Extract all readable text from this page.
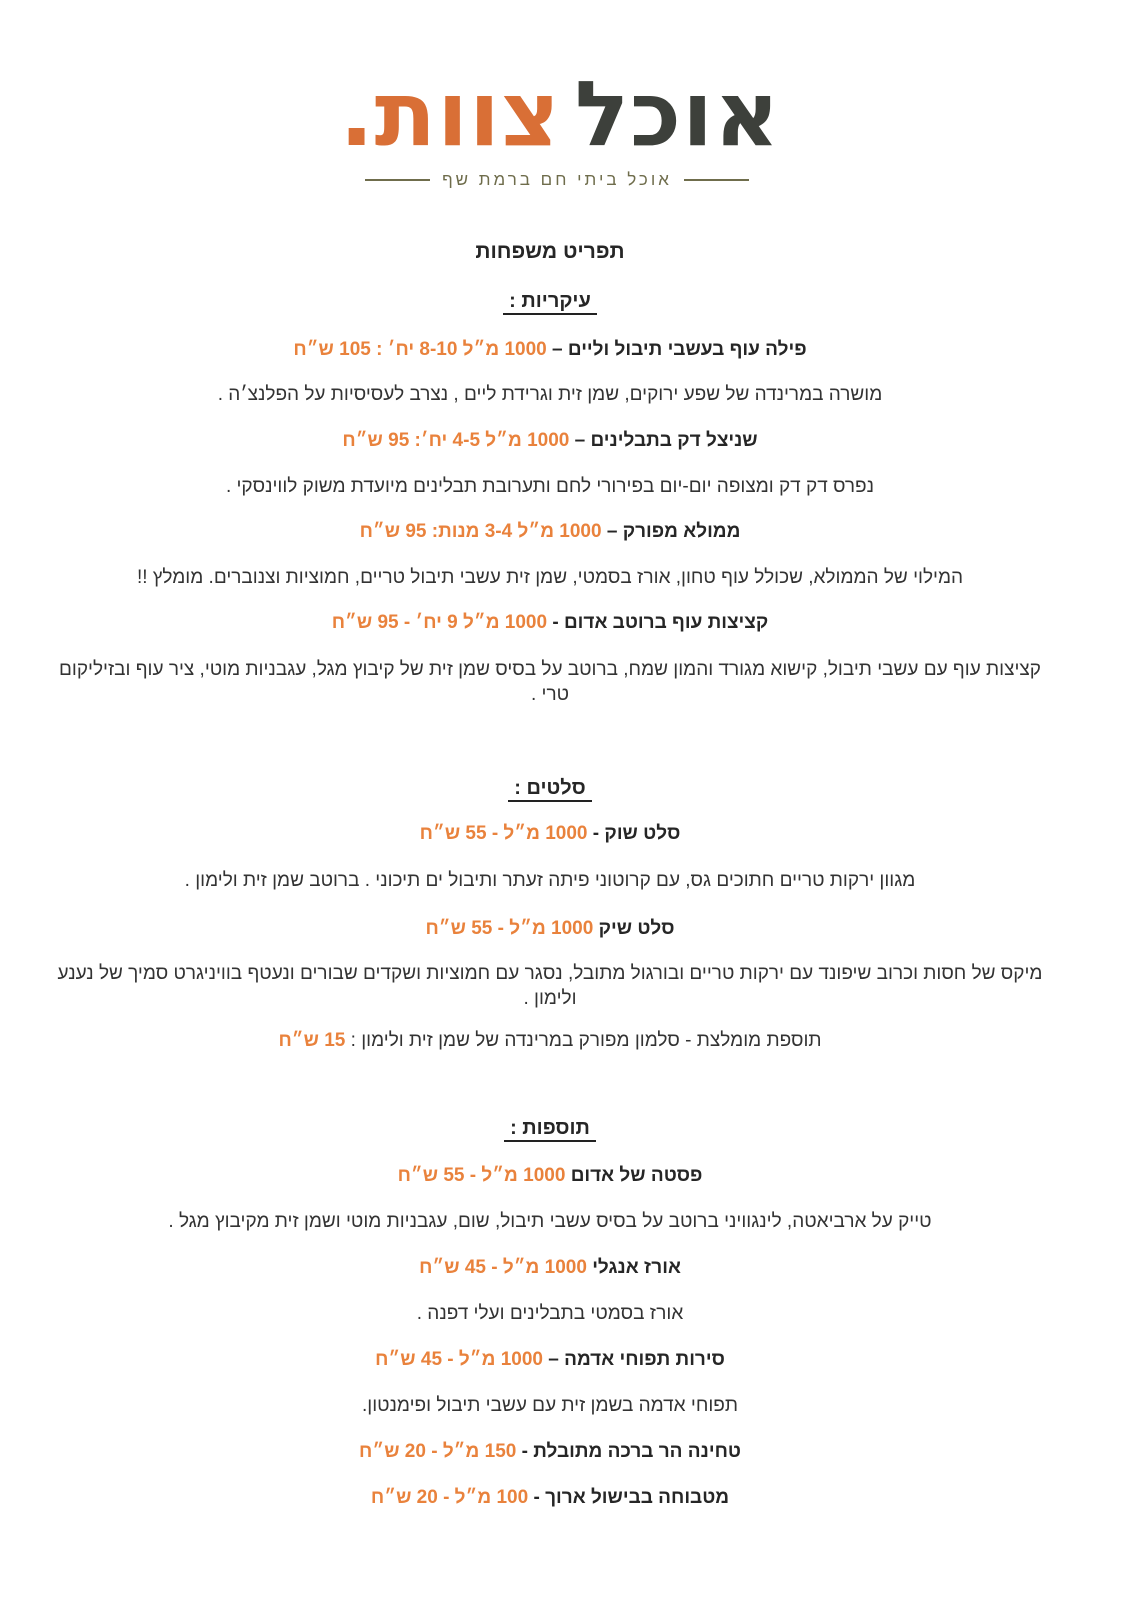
אוכל
צוות.
אוכל ביתי חם ברמת שף
תפריט משפחות
עיקריות :
פילה עוף בעשבי תיבול וליים – 1000 מ״ל 8-10 יח׳ : 105 ש״ח
מושרה במרינדה של שפע ירוקים, שמן זית וגרידת ליים , נצרב לעסיסיות על הפלנצ׳ה .
שניצל דק בתבלינים – 1000 מ״ל 4-5 יח׳: 95 ש״ח
נפרס דק דק ומצופה יום-יום בפירורי לחם ותערובת תבלינים מיועדת משוק לווינסקי .
ממולא מפורק – 1000 מ״ל 3-4 מנות: 95 ש״ח
המילוי של הממולא, שכולל עוף טחון, אורז בסמטי, שמן זית עשבי תיבול טריים, חמוציות וצנוברים. מומלץ !!
קציצות עוף ברוטב אדום - 1000 מ״ל 9 יח׳ - 95 ש״ח
קציצות עוף עם עשבי תיבול, קישוא מגורד והמון שמח, ברוטב על בסיס שמן זית של קיבוץ מגל, עגבניות מוטי, ציר עוף ובזיליקום טרי .
סלטים :
סלט שוק - 1000 מ״ל - 55 ש״ח
מגוון ירקות טריים חתוכים גס, עם קרוטוני פיתה זעתר ותיבול ים תיכוני . ברוטב שמן זית ולימון .
סלט שיק 1000 מ״ל - 55 ש״ח
מיקס של חסות וכרוב שיפונד עם ירקות טריים ובורגול מתובל, נסגר עם חמוציות ושקדים שבורים ונעטף בוויניגרט סמיך של נענע ולימון .
תוספת מומלצת - סלמון מפורק במרינדה של שמן זית ולימון : 15 ש״ח
תוספות :
פסטה של אדום 1000 מ״ל - 55 ש״ח
טייק על ארביאטה, לינגוויני ברוטב על בסיס עשבי תיבול, שום, עגבניות מוטי ושמן זית מקיבוץ מגל .
אורז אנגלי 1000 מ״ל - 45 ש״ח
אורז בסמטי בתבלינים ועלי דפנה .
סירות תפוחי אדמה – 1000 מ״ל - 45 ש״ח
תפוחי אדמה בשמן זית עם עשבי תיבול ופימנטון.
טחינה הר ברכה מתובלת - 150 מ״ל - 20 ש״ח
מטבוחה בבישול ארוך - 100 מ״ל - 20 ש״ח
